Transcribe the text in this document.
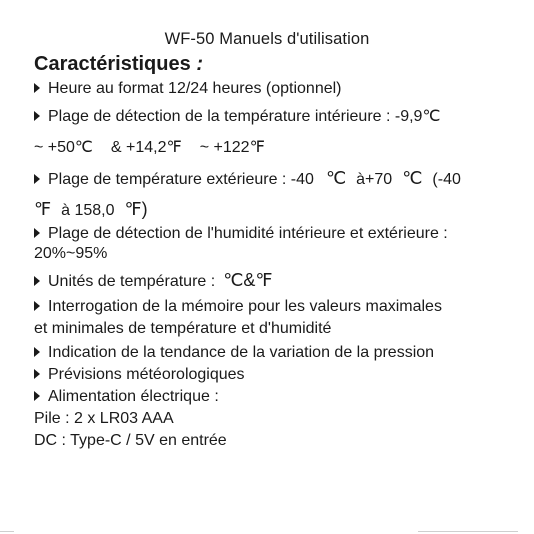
WF-50 Manuels d'utilisation
Caractéristiques :
Heure au format 12/24 heures (optionnel)
Plage de détection de la température intérieure : -9,9℃
~ +50℃ & +14,2℉ ~ +122℉
Plage de température extérieure : -40 ℃ à+70 ℃ (-40
℉ à 158,0 ℉)
Plage de détection de l'humidité intérieure et extérieure :
20%~95%
Unités de température : ℃&℉
Interrogation de la mémoire pour les valeurs maximales
et minimales de température et d'humidité
Indication de la tendance de la variation de la pression
Prévisions météorologiques
Alimentation électrique :
Pile : 2 x LR03 AAA
DC : Type-C / 5V en entrée
